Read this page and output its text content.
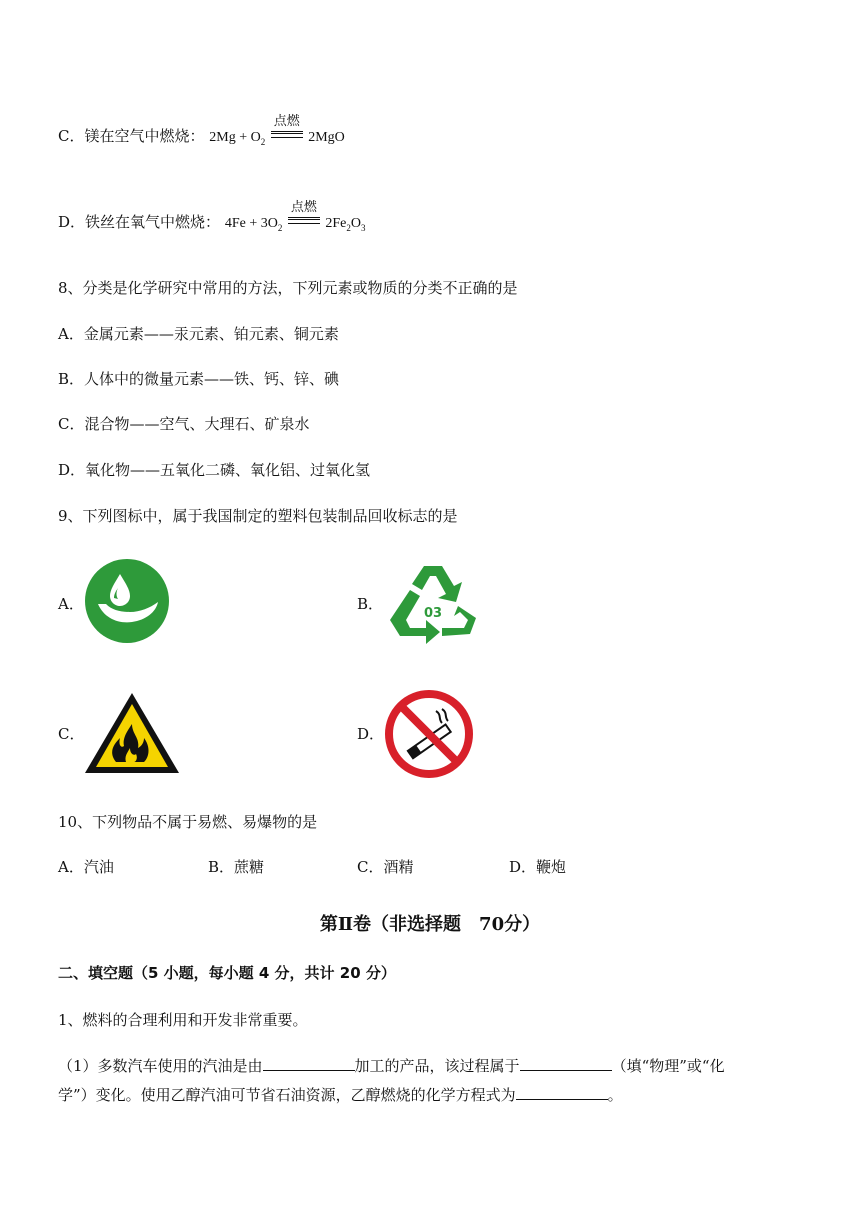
C．镁在空气中燃烧： $2Mg + O_2$
点燃
2MgO
D．铁丝在氧气中燃烧： $4Fe + 3O_2$
点燃
$2Fe_2O_3$
8、分类是化学研究中常用的方法，下列元素或物质的分类不正确的是
A．金属元素——汞元素、铂元素、铜元素
B．人体中的微量元素——铁、钙、锌、碘
C．混合物——空气、大理石、矿泉水
D．氧化物——五氧化二磷、氧化铝、过氧化氢
9、下列图标中，属于我国制定的塑料包装制品回收标志的是
A．	B．
03
C．	D．
10、下列物品不属于易燃、易爆物的是
A．汽油	B．蔗糖	C．酒精	D．鞭炮
第Ⅱ卷（非选择题　70分）
二、填空题（5 小题，每小题 4 分，共计 20 分）
1、燃料的合理利用和开发非常重要。
（1）多数汽车使用的汽油是由	加工的产品，该过程属于	（填“物理”或“化
学”）变化。使用乙醇汽油可节省石油资源，乙醇燃烧的化学方程式为	。
